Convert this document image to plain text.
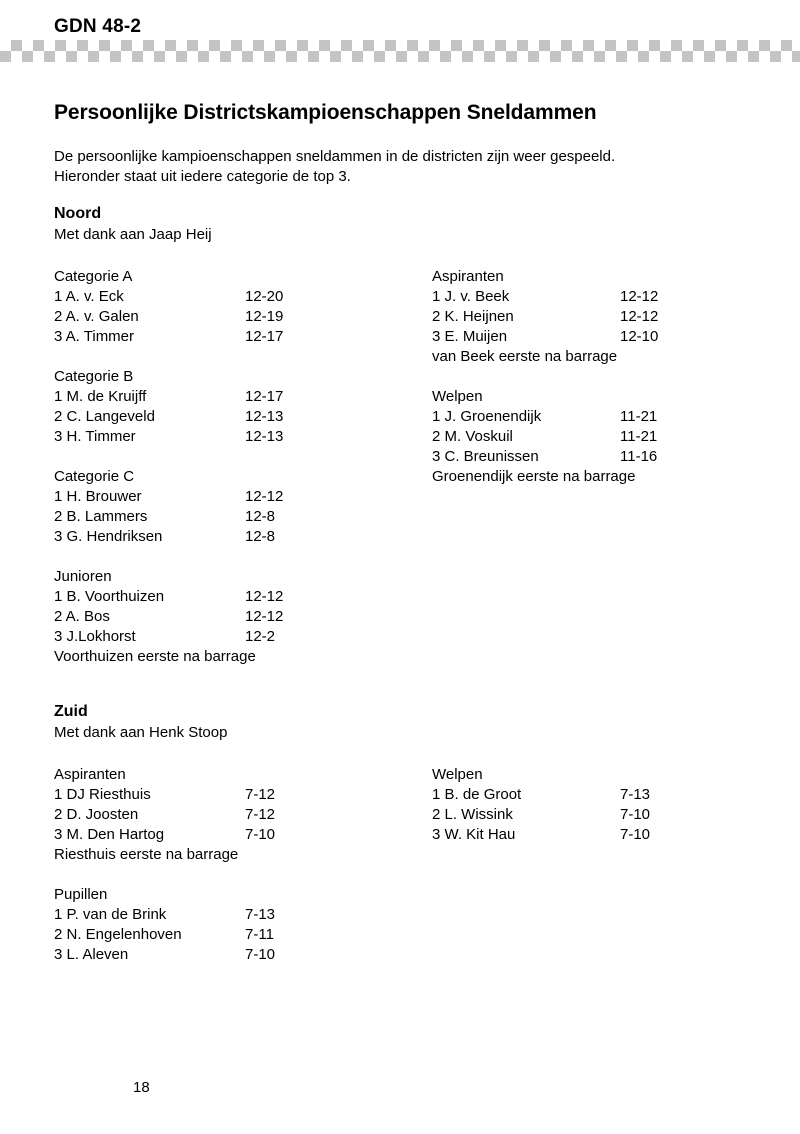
GDN 48-2
Persoonlijke Districtskampioenschappen Sneldammen
De persoonlijke kampioenschappen sneldammen in de districten zijn weer gespeeld.
Hieronder staat uit iedere categorie de top 3.
Noord
Met dank aan Jaap Heij
Categorie A
1 A. v. Eck	12-20
2 A. v. Galen	12-19
3 A. Timmer	12-17
Categorie B
1 M. de Kruijff	12-17
2 C. Langeveld	12-13
3 H. Timmer	12-13
Categorie C
1 H. Brouwer	12-12
2 B. Lammers	12-8
3 G. Hendriksen	12-8
Junioren
1 B. Voorthuizen	12-12
2 A. Bos	12-12
3 J.Lokhorst	12-2
Voorthuizen eerste na barrage
Aspiranten
1 J. v. Beek	12-12
2 K. Heijnen	12-12
3 E. Muijen	12-10
van Beek eerste na barrage
Welpen
1 J. Groenendijk	11-21
2 M. Voskuil	11-21
3 C. Breunissen	11-16
Groenendijk eerste na barrage
Zuid
Met dank aan Henk Stoop
Aspiranten
1 DJ Riesthuis	7-12
2 D. Joosten	7-12
3 M. Den Hartog	7-10
Riesthuis eerste na barrage
Pupillen
1 P. van de Brink	7-13
2 N. Engelenhoven	7-11
3 L. Aleven	7-10
Welpen
1 B. de Groot	7-13
2 L. Wissink	7-10
3 W. Kit Hau	7-10
18
